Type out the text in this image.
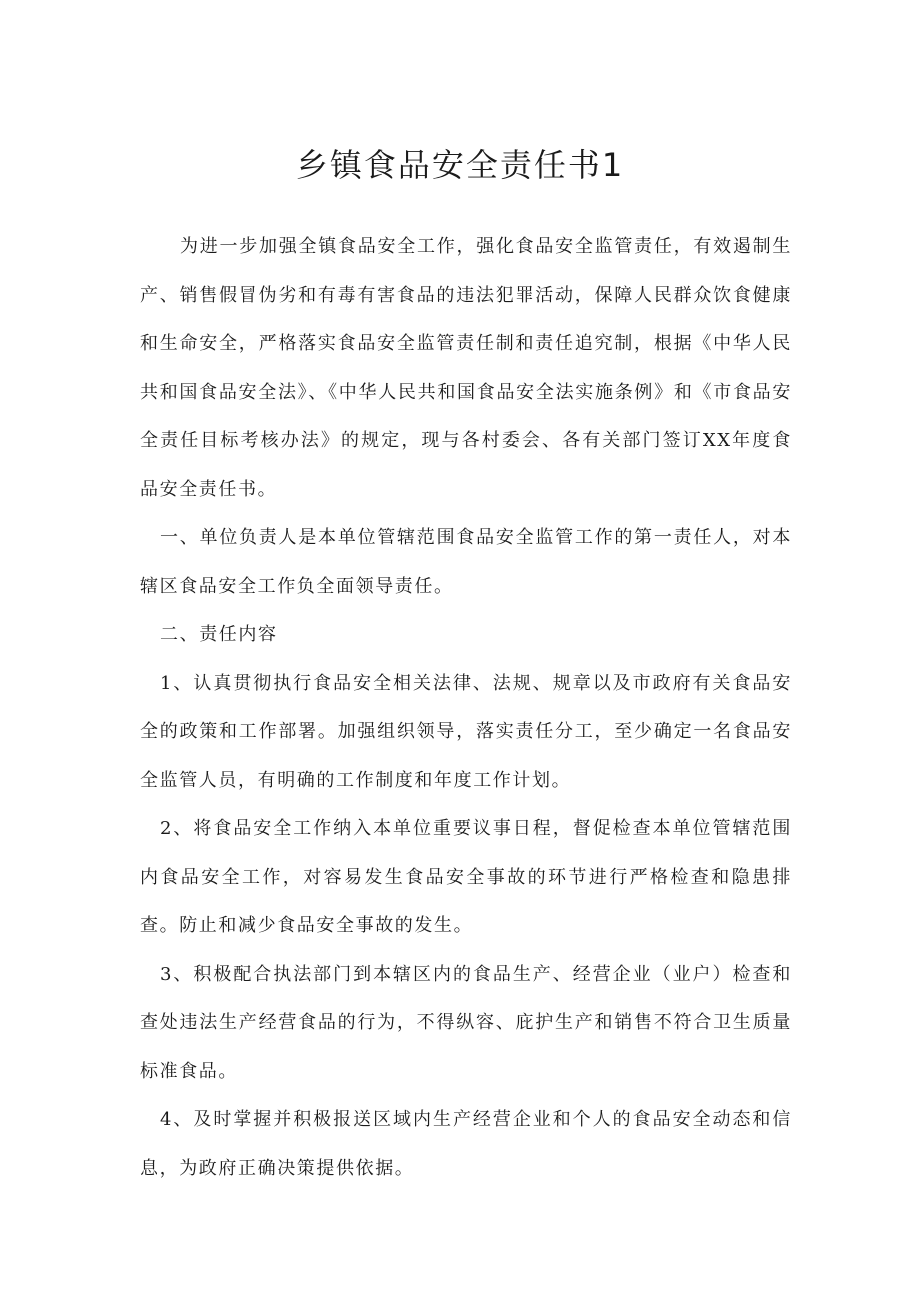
乡镇食品安全责任书1

为进一步加强全镇食品安全工作，强化食品安全监管责任，有效遏制生产、销售假冒伪劣和有毒有害食品的违法犯罪活动，保障人民群众饮食健康和生命安全，严格落实食品安全监管责任制和责任追究制，根据《中华人民共和国食品安全法》、《中华人民共和国食品安全法实施条例》和《市食品安全责任目标考核办法》的规定，现与各村委会、各有关部门签订XX年度食品安全责任书。

一、单位负责人是本单位管辖范围食品安全监管工作的第一责任人，对本辖区食品安全工作负全面领导责任。

二、责任内容

1、认真贯彻执行食品安全相关法律、法规、规章以及市政府有关食品安全的政策和工作部署。加强组织领导，落实责任分工，至少确定一名食品安全监管人员，有明确的工作制度和年度工作计划。

2、将食品安全工作纳入本单位重要议事日程，督促检查本单位管辖范围内食品安全工作，对容易发生食品安全事故的环节进行严格检查和隐患排查。防止和减少食品安全事故的发生。

3、积极配合执法部门到本辖区内的食品生产、经营企业（业户）检查和查处违法生产经营食品的行为，不得纵容、庇护生产和销售不符合卫生质量标准食品。

4、及时掌握并积极报送区域内生产经营企业和个人的食品安全动态和信息，为政府正确决策提供依据。
